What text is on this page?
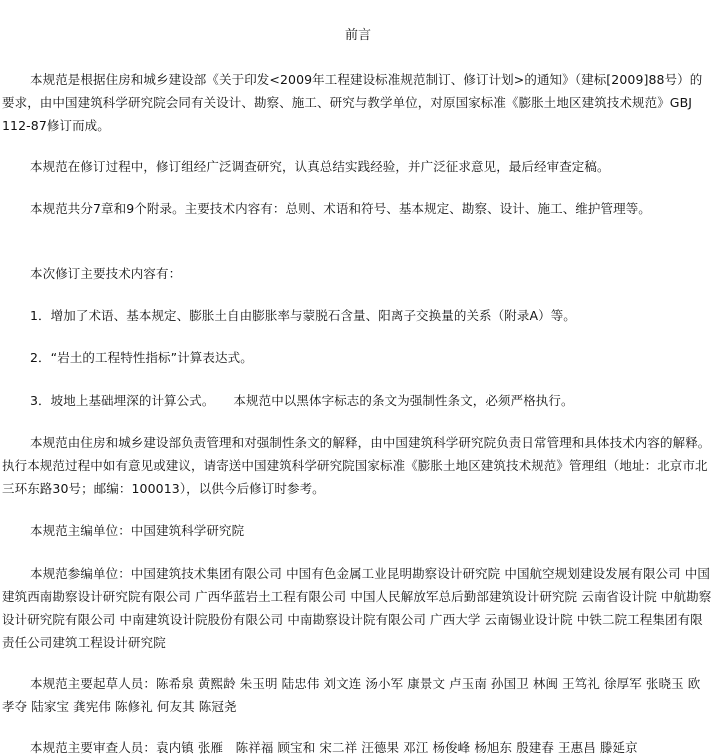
前言
本规范是根据住房和城乡建设部《关于印发<2009年工程建设标准规范制订、修订计划>的通知》（建标[2009]88号）的要求，由中国建筑科学研究院会同有关设计、勘察、施工、研究与教学单位，对原国家标准《膨胀土地区建筑技术规范》GBJ 112-87修订而成。
本规范在修订过程中，修订组经广泛调查研究，认真总结实践经验，并广泛征求意见，最后经审查定稿。
本规范共分7章和9个附录。主要技术内容有：总则、术语和符号、基本规定、勘察、设计、施工、维护管理等。
本次修订主要技术内容有：
1．增加了术语、基本规定、膨胀土自由膨胀率与蒙脱石含量、阳离子交换量的关系（附录A）等。
2．“岩土的工程特性指标”计算表达式。
3．坡地上基础埋深的计算公式。　　本规范中以黑体字标志的条文为强制性条文，必须严格执行。
本规范由住房和城乡建设部负责管理和对强制性条文的解释，由中国建筑科学研究院负责日常管理和具体技术内容的解释。执行本规范过程中如有意见或建议，请寄送中国建筑科学研究院国家标准《膨胀土地区建筑技术规范》管理组（地址：北京市北三环东路30号；邮编：100013），以供今后修订时参考。
本规范主编单位：中国建筑科学研究院
本规范参编单位：中国建筑技术集团有限公司 中国有色金属工业昆明勘察设计研究院 中国航空规划建设发展有限公司 中国建筑西南勘察设计研究院有限公司 广西华蓝岩土工程有限公司 中国人民解放军总后勤部建筑设计研究院 云南省设计院 中航勘察设计研究院有限公司 中南建筑设计院股份有限公司 中南勘察设计院有限公司 广西大学 云南锡业设计院 中铁二院工程集团有限责任公司建筑工程设计研究院
本规范主要起草人员：陈希泉 黄熙龄 朱玉明 陆忠伟 刘文连 汤小军 康景文 卢玉南 孙国卫 林闽 王笃礼 徐厚军 张晓玉 欧孝夺 陆家宝 龚宪伟 陈修礼 何友其 陈冠尧
本规范主要审查人员：袁内镇 张雁　陈祥福 顾宝和 宋二祥 汪德果 邓江 杨俊峰 杨旭东 殷建春 王惠昌 滕延京
